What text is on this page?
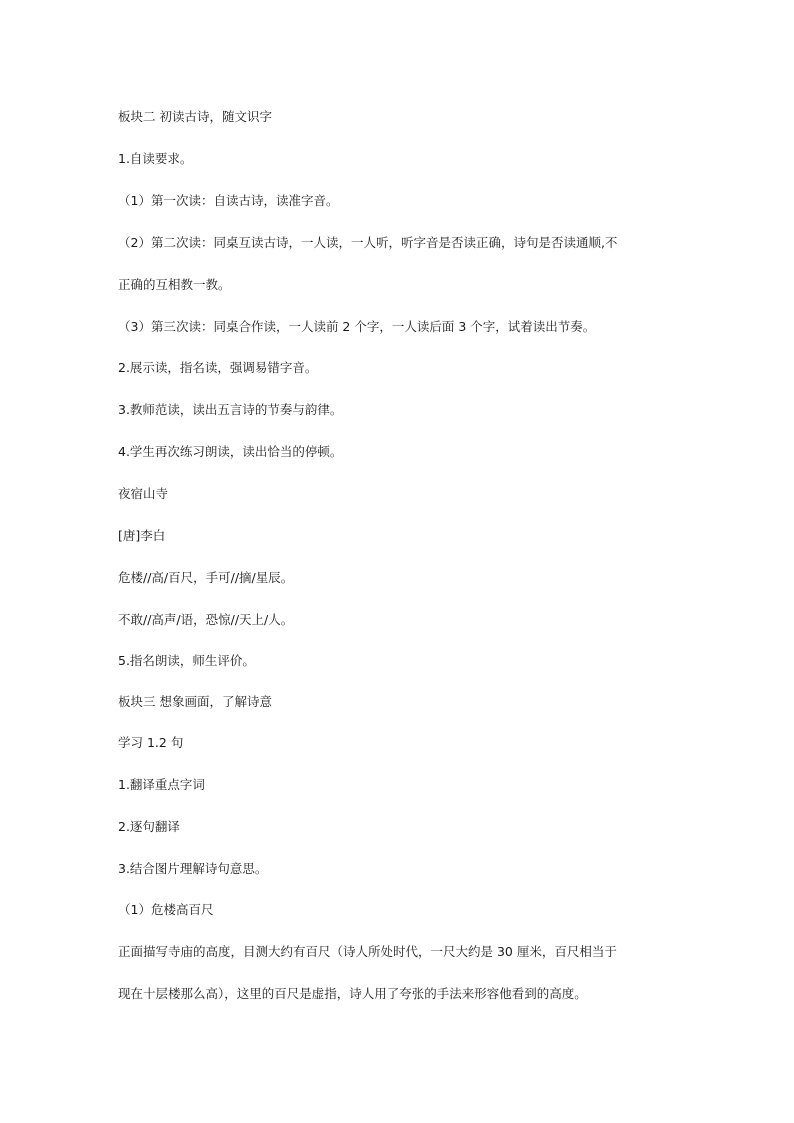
板块二 初读古诗，随文识字
1.自读要求。
（1）第一次读：自读古诗，读准字音。
（2）第二次读：同桌互读古诗，一人读，一人听，听字音是否读正确，诗句是否读通顺,不
正确的互相教一教。
（3）第三次读：同桌合作读，一人读前 2 个字，一人读后面 3 个字，试着读出节奏。
2.展示读，指名读，强调易错字音。
3.教师范读，读出五言诗的节奏与韵律。
4.学生再次练习朗读，读出恰当的停顿。
夜宿山寺
[唐]李白
危楼//高/百尺，手可//摘/星辰。
不敢//高声/语，恐惊//天上/人。
5.指名朗读，师生评价。
板块三 想象画面，了解诗意
学习 1.2 句
1.翻译重点字词
2.逐句翻译
3.结合图片理解诗句意思。
（1）危楼高百尺
正面描写寺庙的高度，目测大约有百尺（诗人所处时代，一尺大约是 30 厘米，百尺相当于
现在十层楼那么高），这里的百尺是虚指，诗人用了夸张的手法来形容他看到的高度。
